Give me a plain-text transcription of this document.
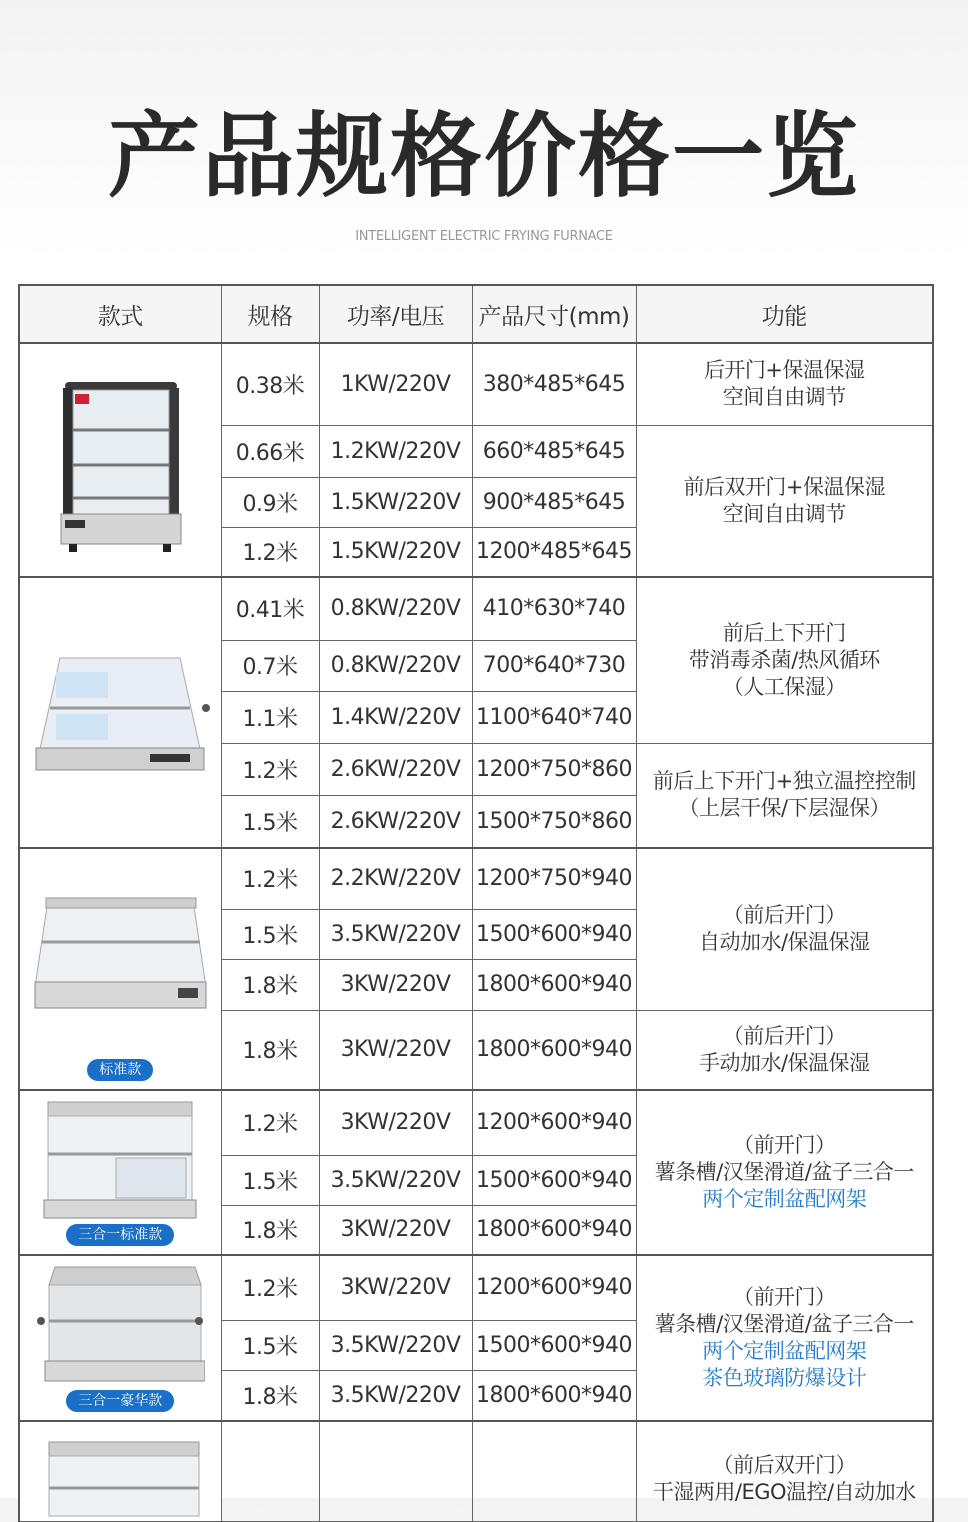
产品规格价格一览
INTELLIGENT ELECTRIC FRYING FURNACE
款式	规格	功率/电压	产品尺寸(mm)	功能

	0.38米	1KW/220V	380*485*645	后开门+保温保湿
空间自由调节

	0.66米	1.2KW/220V	660*485*645	前后双开门+保温保湿
空间自由调节

	0.9米	1.5KW/220V	900*485*645	
	1.2米	1.5KW/220V	1200*485*645	

	0.41米	0.8KW/220V	410*630*740	前后上下开门
带消毒杀菌/热风循环
（人工保湿）

	0.7米	0.8KW/220V	700*640*730	
	1.1米	1.4KW/220V	1100*640*740	
	1.2米	2.6KW/220V	1200*750*860	前后上下开门+独立温控控制
（上层干保/下层湿保）

	1.5米	2.6KW/220V	1500*750*860	

标准款	1.2米	2.2KW/220V	1200*750*940	（前后开门）
自动加水/保温保湿

	1.5米	3.5KW/220V	1500*600*940	
	1.8米	3KW/220V	1800*600*940	
	1.8米	3KW/220V	1800*600*940	（前后开门）
手动加水/保温保湿

三合一标准款	1.2米	3KW/220V	1200*600*940	（前开门）
薯条槽/汉堡滑道/盆子三合一
两个定制盆配网架

	1.5米	3.5KW/220V	1500*600*940	
	1.8米	3KW/220V	1800*600*940	

三合一豪华款	1.2米	3KW/220V	1200*600*940	（前开门）
薯条槽/汉堡滑道/盆子三合一
两个定制盆配网架
茶色玻璃防爆设计

	1.5米	3.5KW/220V	1500*600*940	
	1.8米	3.5KW/220V	1800*600*940	

（前后双开门）
干湿两用/EGO温控/自动加水
